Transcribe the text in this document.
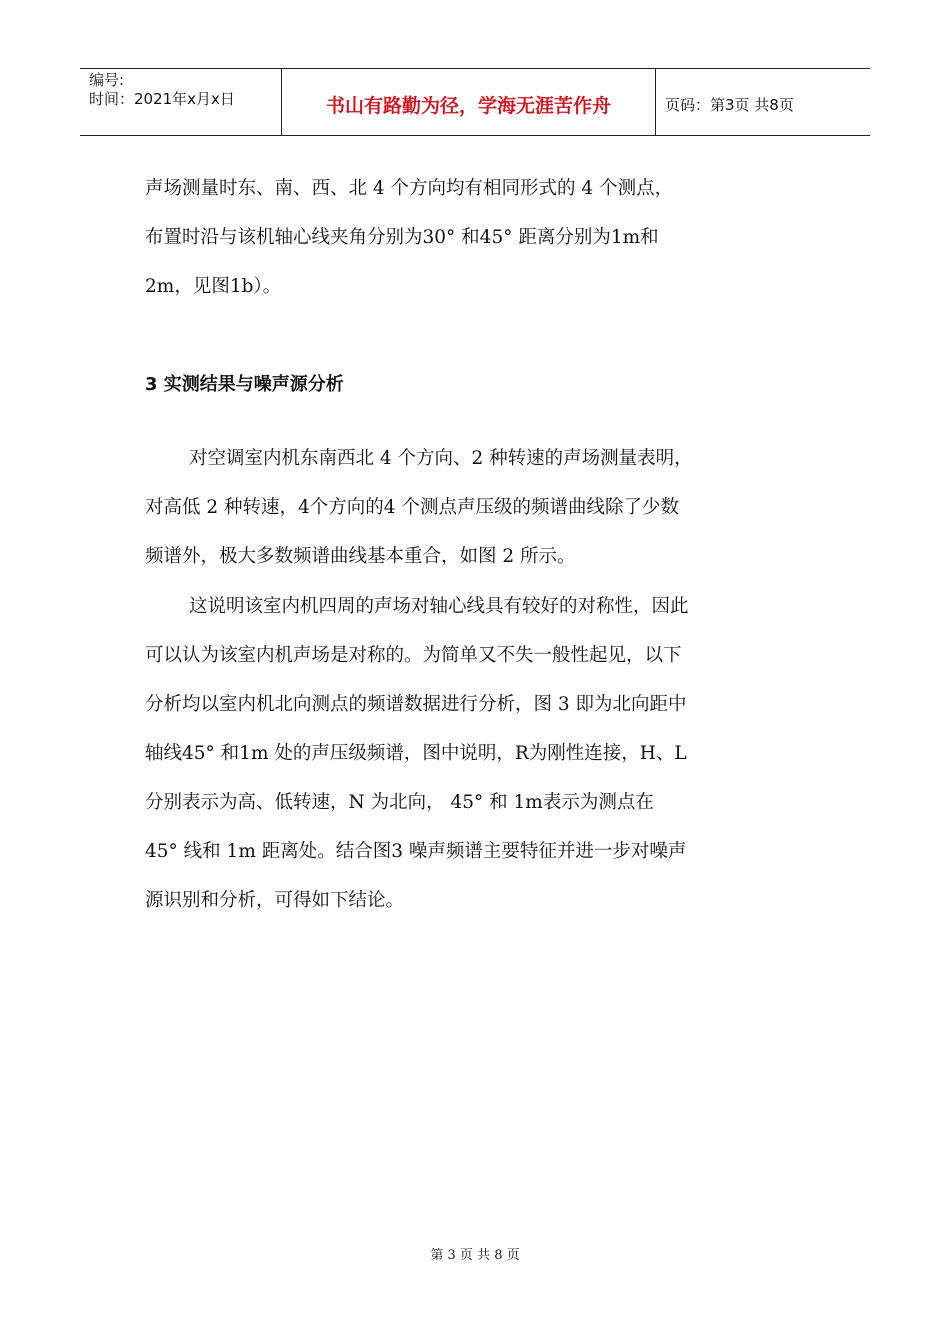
编号:
时间：2021年x月x日	书山有路勤为径，学海无涯苦作舟	页码：第3页 共8页

声场测量时东、南、西、北 4 个方向均有相同形式的 4 个测点，

布置时沿与该机轴心线夹角分别为30° 和45° 距离分别为1m和

2m，见图1b）。

3 实测结果与噪声源分析

对空调室内机东南西北 4 个方向、2 种转速的声场测量表明，

对高低 2 种转速，4个方向的4 个测点声压级的频谱曲线除了少数

频谱外，极大多数频谱曲线基本重合，如图 2 所示。

这说明该室内机四周的声场对轴心线具有较好的对称性，因此

可以认为该室内机声场是对称的。为简单又不失一般性起见，以下

分析均以室内机北向测点的频谱数据进行分析，图 3 即为北向距中

轴线45° 和1m 处的声压级频谱，图中说明，R为刚性连接，H、L

分别表示为高、低转速，N 为北向， 45° 和 1m表示为测点在

45° 线和 1m 距离处。结合图3 噪声频谱主要特征并进一步对噪声

源识别和分析，可得如下结论。

第 3 页 共 8 页
